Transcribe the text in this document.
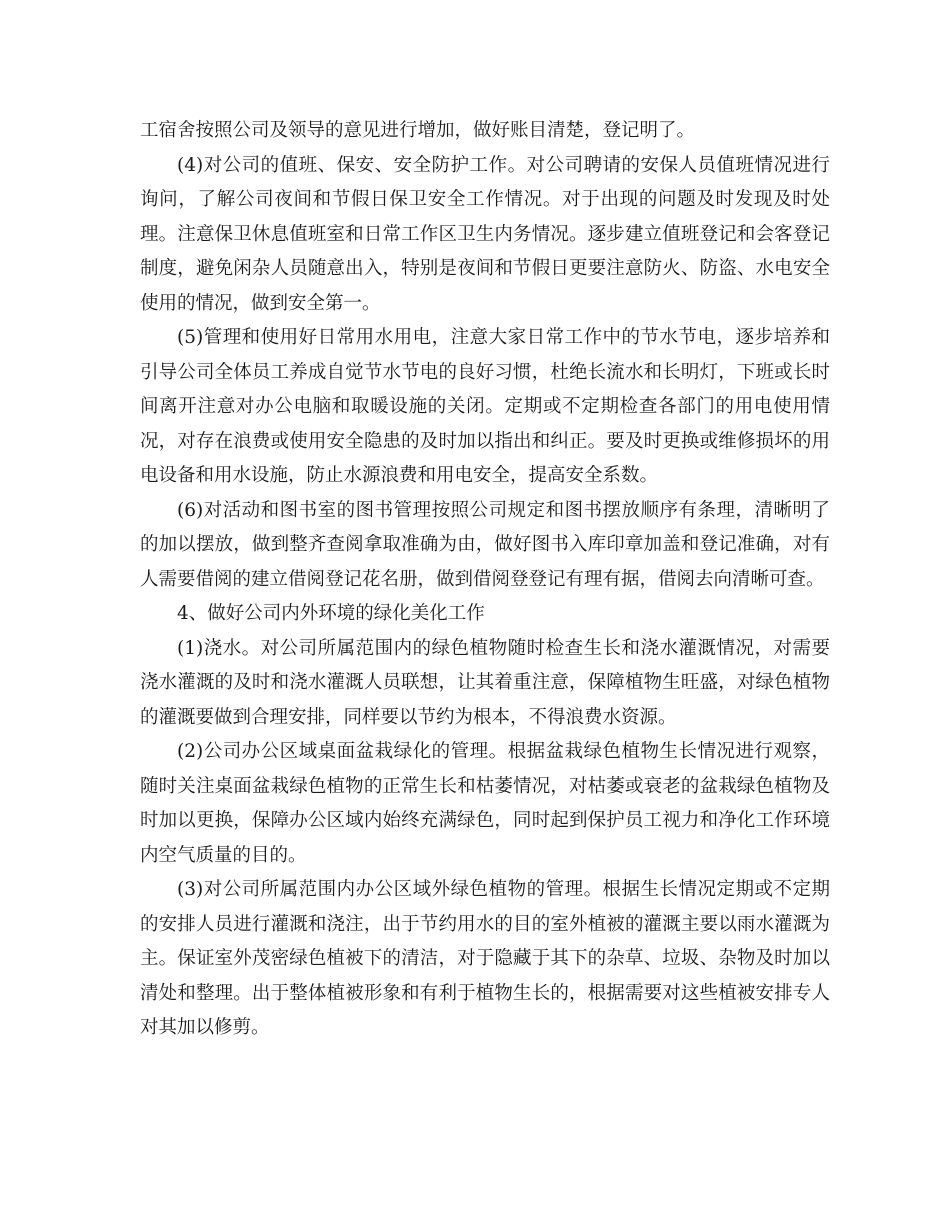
工宿舍按照公司及领导的意见进行增加，做好账目清楚，登记明了。

(4)对公司的值班、保安、安全防护工作。对公司聘请的安保人员值班情况进行询问，了解公司夜间和节假日保卫安全工作情况。对于出现的问题及时发现及时处理。注意保卫休息值班室和日常工作区卫生内务情况。逐步建立值班登记和会客登记制度，避免闲杂人员随意出入，特别是夜间和节假日更要注意防火、防盗、水电安全使用的情况，做到安全第一。

(5)管理和使用好日常用水用电，注意大家日常工作中的节水节电，逐步培养和引导公司全体员工养成自觉节水节电的良好习惯，杜绝长流水和长明灯，下班或长时间离开注意对办公电脑和取暖设施的关闭。定期或不定期检查各部门的用电使用情况，对存在浪费或使用安全隐患的及时加以指出和纠正。要及时更换或维修损坏的用电设备和用水设施，防止水源浪费和用电安全，提高安全系数。

(6)对活动和图书室的图书管理按照公司规定和图书摆放顺序有条理，清晰明了的加以摆放，做到整齐查阅拿取准确为由，做好图书入库印章加盖和登记准确，对有人需要借阅的建立借阅登记花名册，做到借阅登登记有理有据，借阅去向清晰可查。

4、做好公司内外环境的绿化美化工作

(1)浇水。对公司所属范围内的绿色植物随时检查生长和浇水灌溉情况，对需要浇水灌溉的及时和浇水灌溉人员联想，让其着重注意，保障植物生旺盛，对绿色植物的灌溉要做到合理安排，同样要以节约为根本，不得浪费水资源。

(2)公司办公区域桌面盆栽绿化的管理。根据盆栽绿色植物生长情况进行观察，随时关注桌面盆栽绿色植物的正常生长和枯萎情况，对枯萎或衰老的盆栽绿色植物及时加以更换，保障办公区域内始终充满绿色，同时起到保护员工视力和净化工作环境内空气质量的目的。

(3)对公司所属范围内办公区域外绿色植物的管理。根据生长情况定期或不定期的安排人员进行灌溉和浇注，出于节约用水的目的室外植被的灌溉主要以雨水灌溉为主。保证室外茂密绿色植被下的清洁，对于隐藏于其下的杂草、垃圾、杂物及时加以清处和整理。出于整体植被形象和有利于植物生长的，根据需要对这些植被安排专人对其加以修剪。
